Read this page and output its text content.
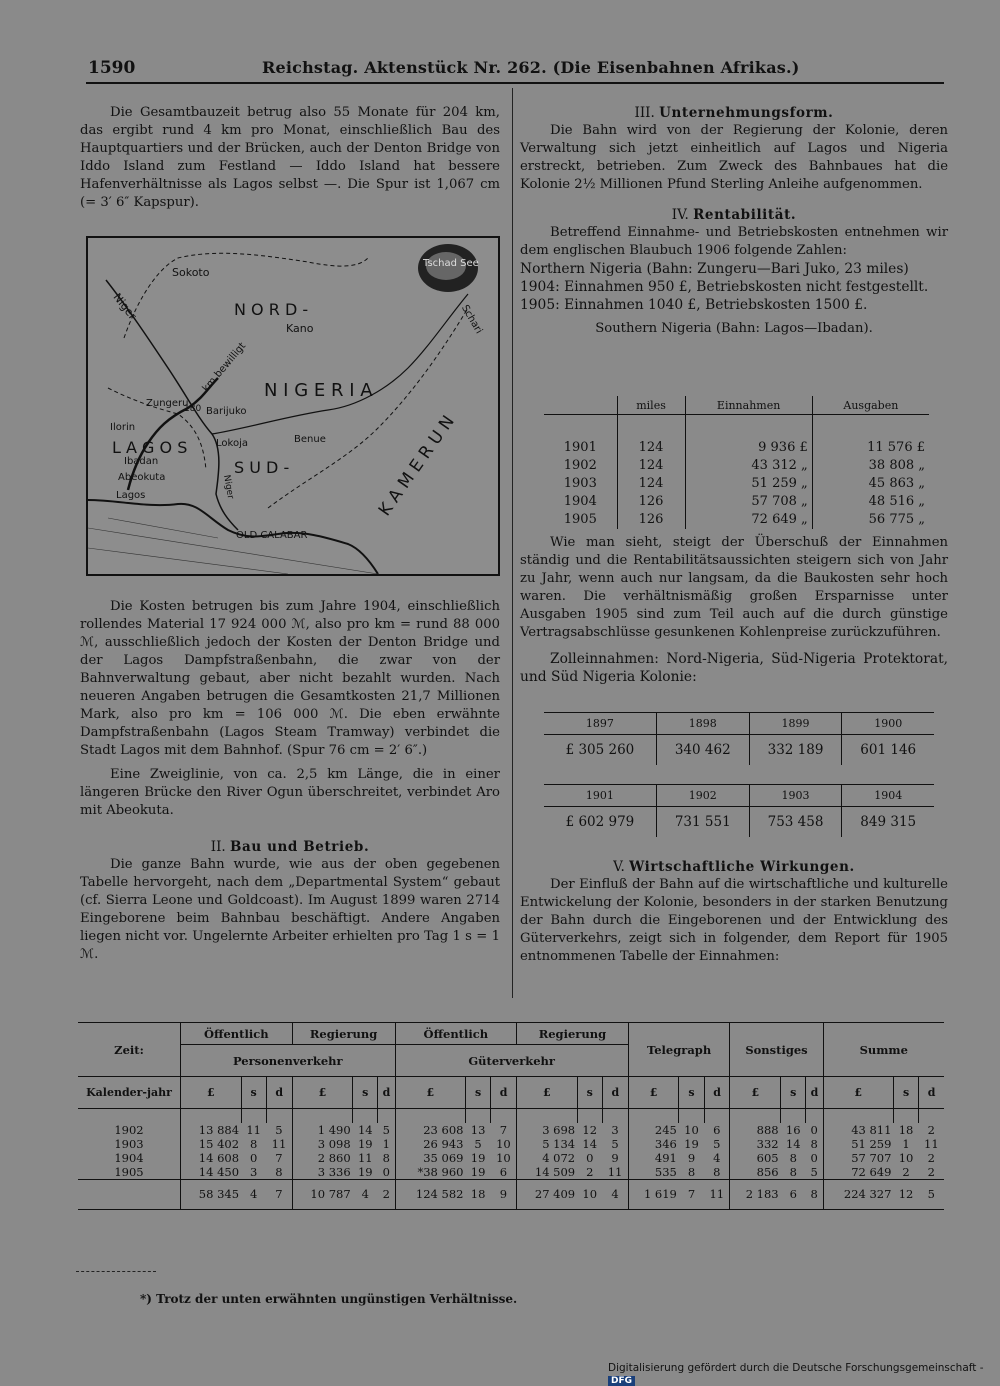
1590	Reichstag. Aktenstück Nr. 262. (Die Eisenbahnen Afrikas.)

Die Gesamtbauzeit betrug also 55 Monate für 204 km, das ergibt rund 4 km pro Monat, einschließlich Bau des Hauptquartiers und der Brücken, auch der Denton Bridge von Iddo Island zum Festland — Iddo Island hat bessere Hafenverhältnisse als Lagos selbst —. Die Spur ist 1,067 cm (= 3′ 6″ Kapspur).

Sokoto
Niger	N O R D -
Kano
km bewilligt
Tschad See
Schari
N I G E R I A
Zungeru
180 Barijuko
Ilorin
L A G O S	Lokoja	Benue
Ibadan
Abeokuta
Lagos
S U D -
Niger	K A M E R U N
OLD CALABAR

Die Kosten betrugen bis zum Jahre 1904, einschließlich rollendes Material 17 924 000 ℳ, also pro km = rund 88 000 ℳ, ausschließlich jedoch der Kosten der Denton Bridge und der Lagos Dampfstraßenbahn, die zwar von der Bahnverwaltung gebaut, aber nicht bezahlt wurden. Nach neueren Angaben betrugen die Gesamtkosten 21,7 Millionen Mark, also pro km = 106 000 ℳ. Die eben erwähnte Dampfstraßenbahn (Lagos Steam Tramway) verbindet die Stadt Lagos mit dem Bahnhof. (Spur 76 cm = 2′ 6″.)

Eine Zweiglinie, von ca. 2,5 km Länge, die in einer längeren Brücke den River Ogun überschreitet, verbindet Aro mit Abeokuta.

II. Bau und Betrieb.

Die ganze Bahn wurde, wie aus der oben gegebenen Tabelle hervorgeht, nach dem „Departmental System“ gebaut (cf. Sierra Leone und Goldcoast). Im August 1899 waren 2714 Eingeborene beim Bahnbau beschäftigt. Andere Angaben liegen nicht vor. Ungelernte Arbeiter erhielten pro Tag 1 s = 1 ℳ.

III. Unternehmungsform.

Die Bahn wird von der Regierung der Kolonie, deren Verwaltung sich jetzt einheitlich auf Lagos und Nigeria erstreckt, betrieben. Zum Zweck des Bahnbaues hat die Kolonie 2½ Millionen Pfund Sterling Anleihe aufgenommen.

IV. Rentabilität.

Betreffend Einnahme- und Betriebskosten entnehmen wir dem englischen Blaubuch 1906 folgende Zahlen:

Northern Nigeria (Bahn: Zungeru—Bari Juko, 23 miles)

1904: Einnahmen 950 £, Betriebskosten nicht festgestellt.

1905: Einnahmen 1040 £, Betriebskosten 1500 £.

Southern Nigeria (Bahn: Lagos—Ibadan).

	miles	Einnahmen	Ausgaben

1901	124	9 936 £	11 576 £
1902	124	43 312 „	38 808 „
1903	124	51 259 „	45 863 „
1904	126	57 708 „	48 516 „
1905	126	72 649 „	56 775 „

Wie man sieht, steigt der Überschuß der Einnahmen ständig und die Rentabilitätsaussichten steigern sich von Jahr zu Jahr, wenn auch nur langsam, da die Baukosten sehr hoch waren. Die verhältnismäßig großen Ersparnisse unter Ausgaben 1905 sind zum Teil auch auf die durch günstige Vertragsabschlüsse gesunkenen Kohlenpreise zurückzuführen.

Zolleinnahmen: Nord-Nigeria, Süd-Nigeria Protektorat, und Süd Nigeria Kolonie:

1897	1898	1899	1900
£ 305 260	340 462	332 189	601 146
1901	1902	1903	1904
£ 602 979	731 551	753 458	849 315

V. Wirtschaftliche Wirkungen.

Der Einfluß der Bahn auf die wirtschaftliche und kulturelle Entwickelung der Kolonie, besonders in der starken Benutzung der Bahn durch die Eingeborenen und der Entwicklung des Güterverkehrs, zeigt sich in folgender, dem Report für 1905 entnommenen Tabelle der Einnahmen:

Zeit:	Öffentlich			Regierung			Öffentlich			Regierung			Telegraph			Sonstiges			Summe		
	Personenverkehr						Güterverkehr														
Kalender-jahr	£	s	d	£	s	d	£	s	d	£	s	d	£	s	d	£	s	d	£	s	d

1902	13 884	11	5	1 490	14	5	23 608	13	7	3 698	12	3	245	10	6	888	16	0	43 811	18	2
1903	15 402	8	11	3 098	19	1	26 943	5	10	5 134	14	5	346	19	5	332	14	8	51 259	1	11
1904	14 608	0	7	2 860	11	8	35 069	19	10	4 072	0	9	491	9	4	605	8	0	57 707	10	2
1905	14 450	3	8	3 336	19	0	*38 960	19	6	14 509	2	11	535	8	8	856	8	5	72 649	2	2
	58 345	4	7	10 787	4	2	124 582	18	9	27 409	10	4	1 619	7	11	2 183	6	8	224 327	12	5
*) Trotz der unten erwähnten ungünstigen Verhältnisse.
Digitalisierung gefördert durch die Deutsche Forschungsgemeinschaft - DFG
